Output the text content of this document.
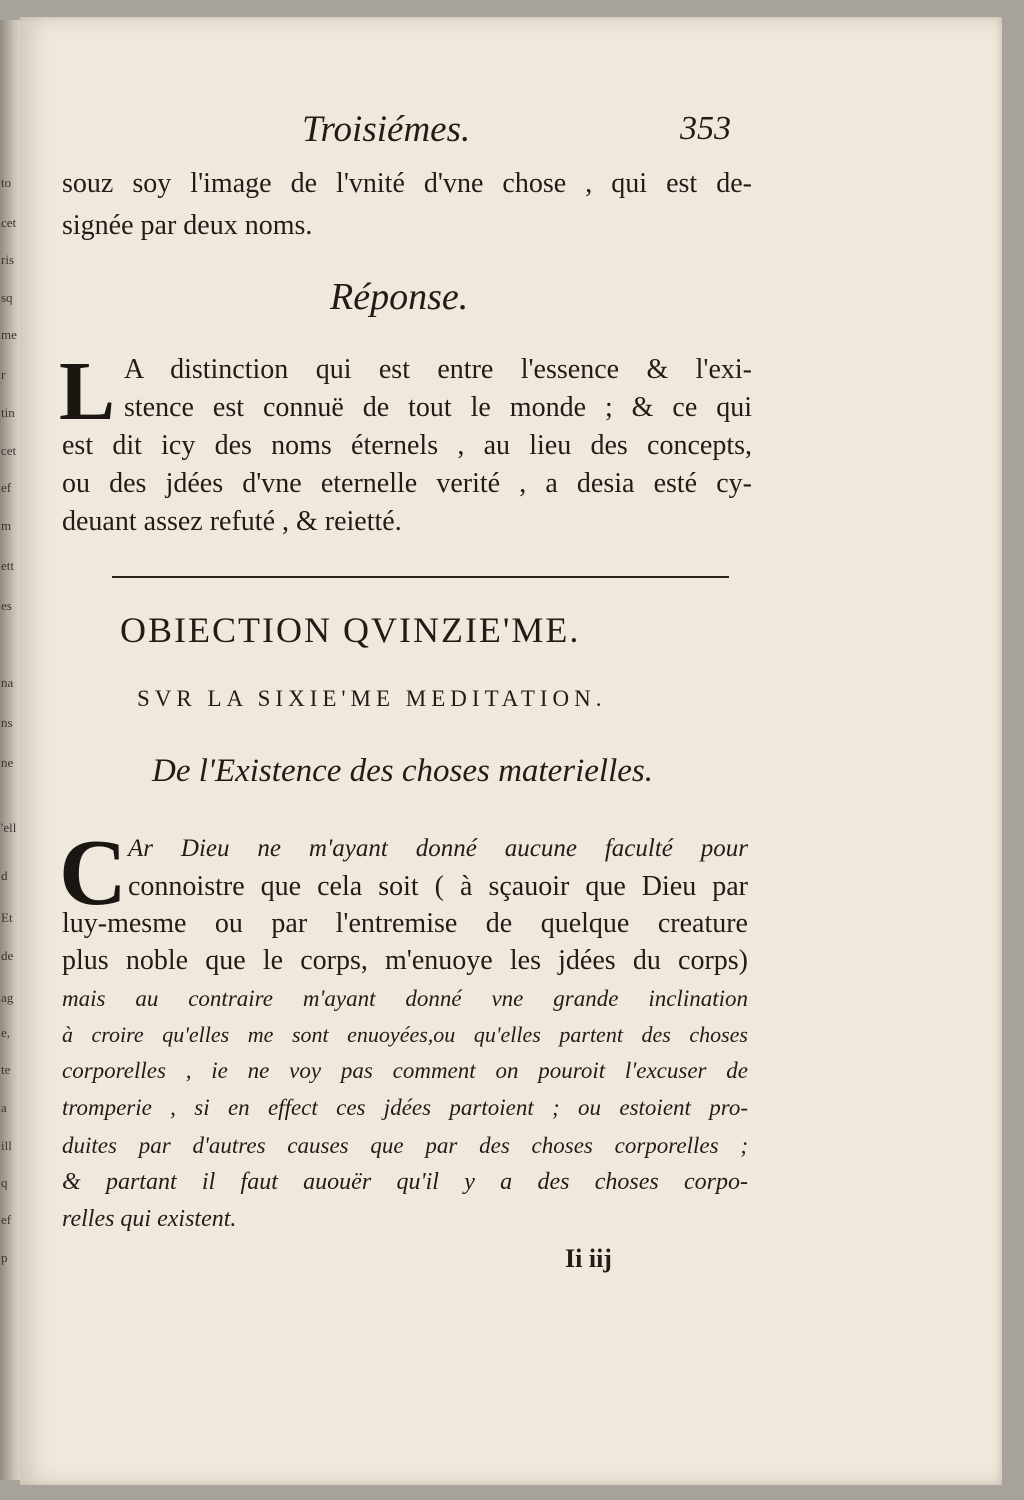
to
cet
ris
sq
me
r
tin
cet
ef
m
ett
es
na
ns
ne
'ell
d
Et
de
ag
e,
te
a
ill
q
ef
p
Troisiémes.	353
souz soy l'image de l'vnité d'vne chose , qui est de-
signée par deux noms.
Réponse.
L A distinction qui est entre l'essence & l'exi-
stence est connuë de tout le monde ; & ce qui
est dit icy des noms éternels , au lieu des concepts,
ou des jdées d'vne eternelle verité , a desia esté cy-
deuant assez refuté , & reietté.
OBIECTION QVINZIE'ME.
SVR LA SIXIE'ME MEDITATION.
De l'Existence des choses materielles.
C Ar Dieu ne m'ayant donné aucune faculté pour
connoistre que cela soit ( à sçauoir que Dieu par
luy-mesme ou par l'entremise de quelque creature
plus noble que le corps, m'enuoye les jdées du corps)
mais au contraire m'ayant donné vne grande inclination
à croire qu'elles me sont enuoyées,ou qu'elles partent des choses
corporelles , ie ne voy pas comment on pouroit l'excuser de
tromperie , si en effect ces jdées partoient ; ou estoient pro-
duites par d'autres causes que par des choses corporelles ;
& partant il faut auouër qu'il y a des choses corpo-
relles qui existent.
Ii iij
